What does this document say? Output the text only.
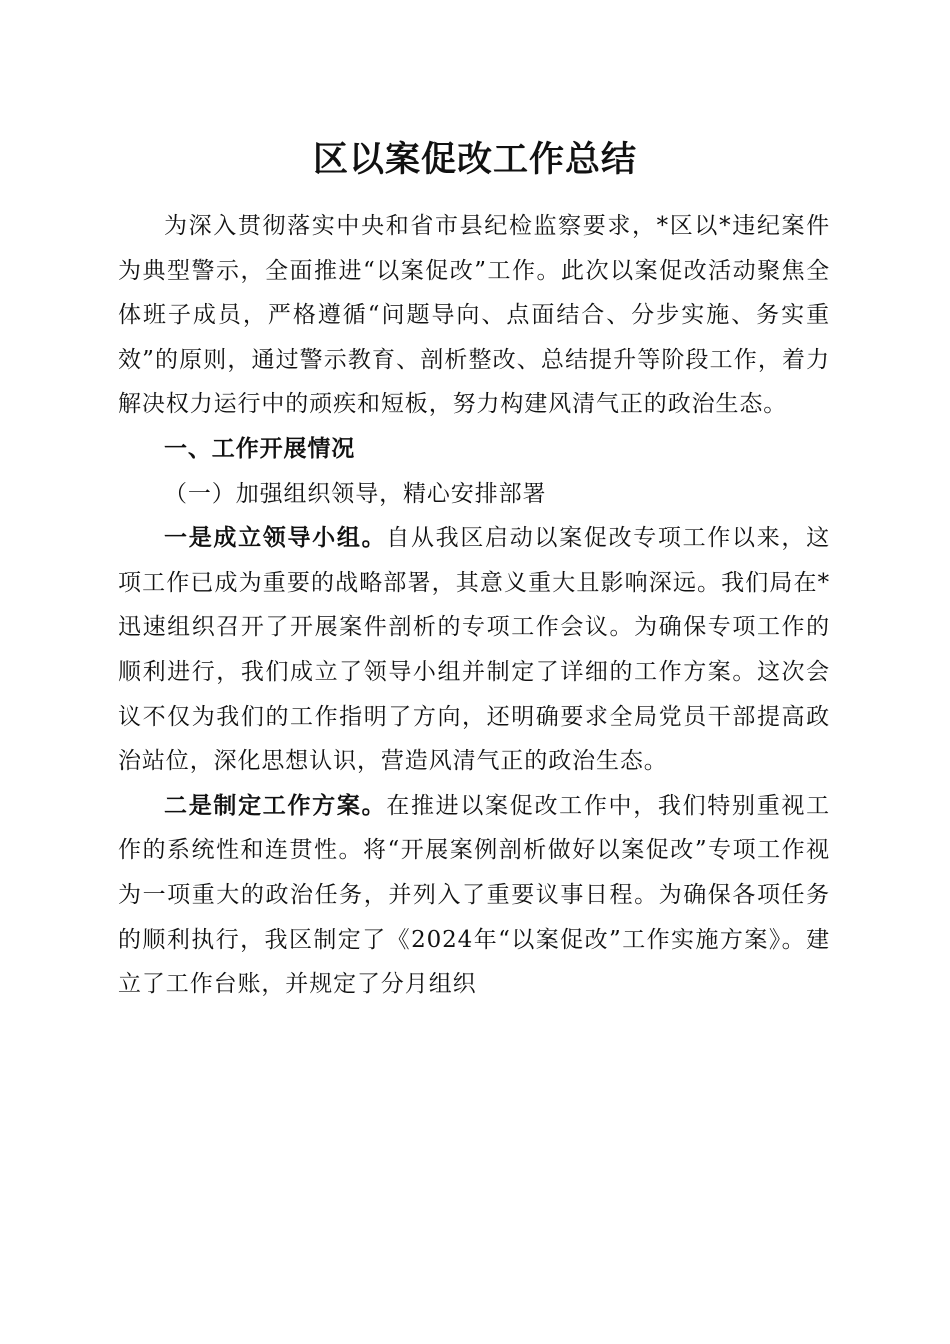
区以案促改工作总结

为深入贯彻落实中央和省市县纪检监察要求，*区以*违纪案件为典型警示，全面推进“以案促改”工作。此次以案促改活动聚焦全体班子成员，严格遵循“问题导向、点面结合、分步实施、务实重效”的原则，通过警示教育、剖析整改、总结提升等阶段工作，着力解决权力运行中的顽疾和短板，努力构建风清气正的政治生态。

一、工作开展情况

（一）加强组织领导，精心安排部署

一是成立领导小组。自从我区启动以案促改专项工作以来，这项工作已成为重要的战略部署，其意义重大且影响深远。我们局在*迅速组织召开了开展案件剖析的专项工作会议。为确保专项工作的顺利进行，我们成立了领导小组并制定了详细的工作方案。这次会议不仅为我们的工作指明了方向，还明确要求全局党员干部提高政治站位，深化思想认识，营造风清气正的政治生态。

二是制定工作方案。在推进以案促改工作中，我们特别重视工作的系统性和连贯性。将“开展案例剖析做好以案促改”专项工作视为一项重大的政治任务，并列入了重要议事日程。为确保各项任务的顺利执行，我区制定了《2024年“以案促改”工作实施方案》。建立了工作台账，并规定了分月组织
